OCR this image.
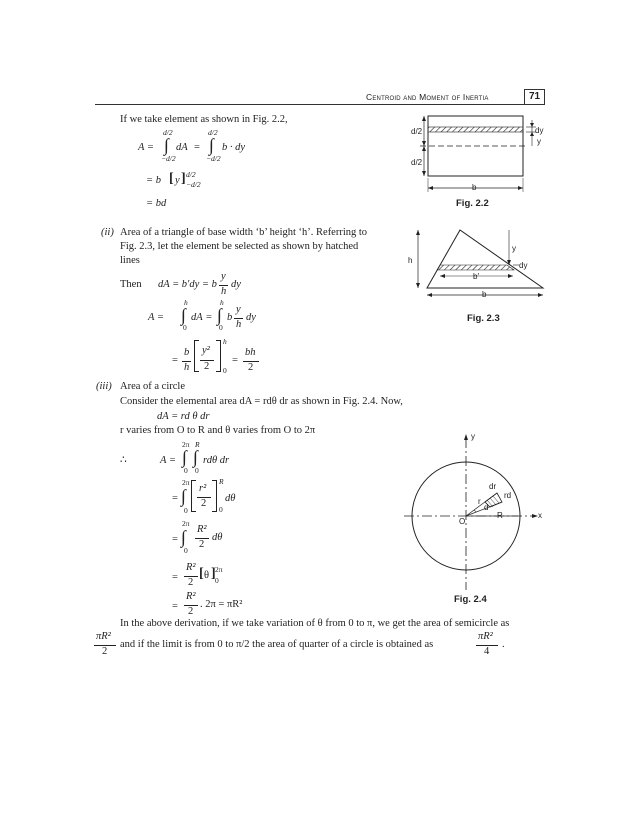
Centroid and Moment of Inertia	71
If we take element as shown in Fig. 2.2,
A =
d/2
∫
−d/2
dA =
d/2
∫
−d/2
b · dy
= b [ y ] d/2
−d/2
= bd
d/2
d/2
dy
y
b
Fig. 2.2
(ii) Area of a triangle of base width ‘b’ height ‘h’. Referring to
Fig. 2.3, let the element be selected as shown by hatched
lines
Then dA = b′dy = b
y
h
dy
A =
h
∫
0
dA =
h
∫
0
b
y
h
dy
=
b
h
y²
2
h
0
=
bh
2
h
y
dy
b′
b
Fig. 2.3
(iii) Area of a circle
Consider the elemental area dA = rdθ dr as shown in Fig. 2.4. Now,
dA = rd θ dr
r varies from O to R and θ varies from O to 2π
∴	A =
2π R
∫ ∫
0 0
rdθ dr
=
2π
∫
0
r²
2
R
0
dθ
=
2π
∫
0
R²
2
dθ
=
R²
2
[ θ ] 2π
0
=
R²
2
. 2π = πR²
y
x
O
R
dr
rd
r
d
Fig. 2.4
In the above derivation, if we take variation of θ from 0 to π, we get the area of semicircle as
πR²
2
and if the limit is from 0 to π/2 the area of quarter of a circle is obtained as
πR²
4
.
